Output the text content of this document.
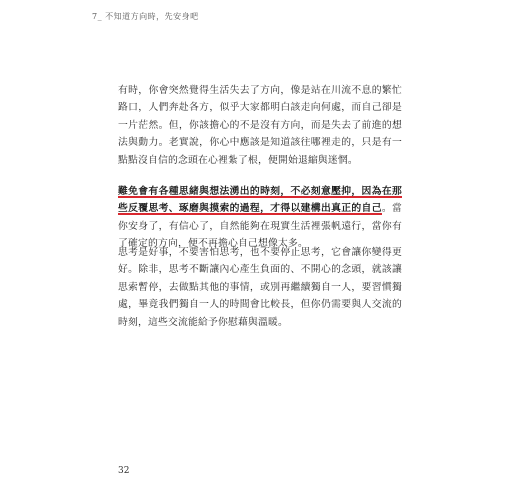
7_ 不知道方向時，先安身吧
有時，你會突然覺得生活失去了方向，像是站在川流不息的繁忙路口，人們奔赴各方，似乎大家都明白該走向何處，而自己卻是一片茫然。但，你該擔心的不是沒有方向，而是失去了前進的想法與動力。老實說，你心中應該是知道該往哪裡走的，只是有一點點沒自信的念頭在心裡紮了根，便開始退縮與迷惘。
難免會有各種思緒與想法湧出的時刻，不必刻意壓抑，因為在那些反覆思考、琢磨與摸索的過程，才得以建構出真正的自己。當你安身了，有信心了，自然能夠在現實生活裡張帆遠行，當你有了確定的方向，便不再擔心自己想像太多。
思考是好事，不要害怕思考，也不要停止思考，它會讓你變得更好。除非，思考不斷讓內心產生負面的、不開心的念頭，就該讓思索暫停，去做點其他的事情，或別再繼續獨自一人，要習慣獨處，畢竟我們獨自一人的時間會比較長，但你仍需要與人交流的時刻，這些交流能給予你慰藉與溫暖。
32
